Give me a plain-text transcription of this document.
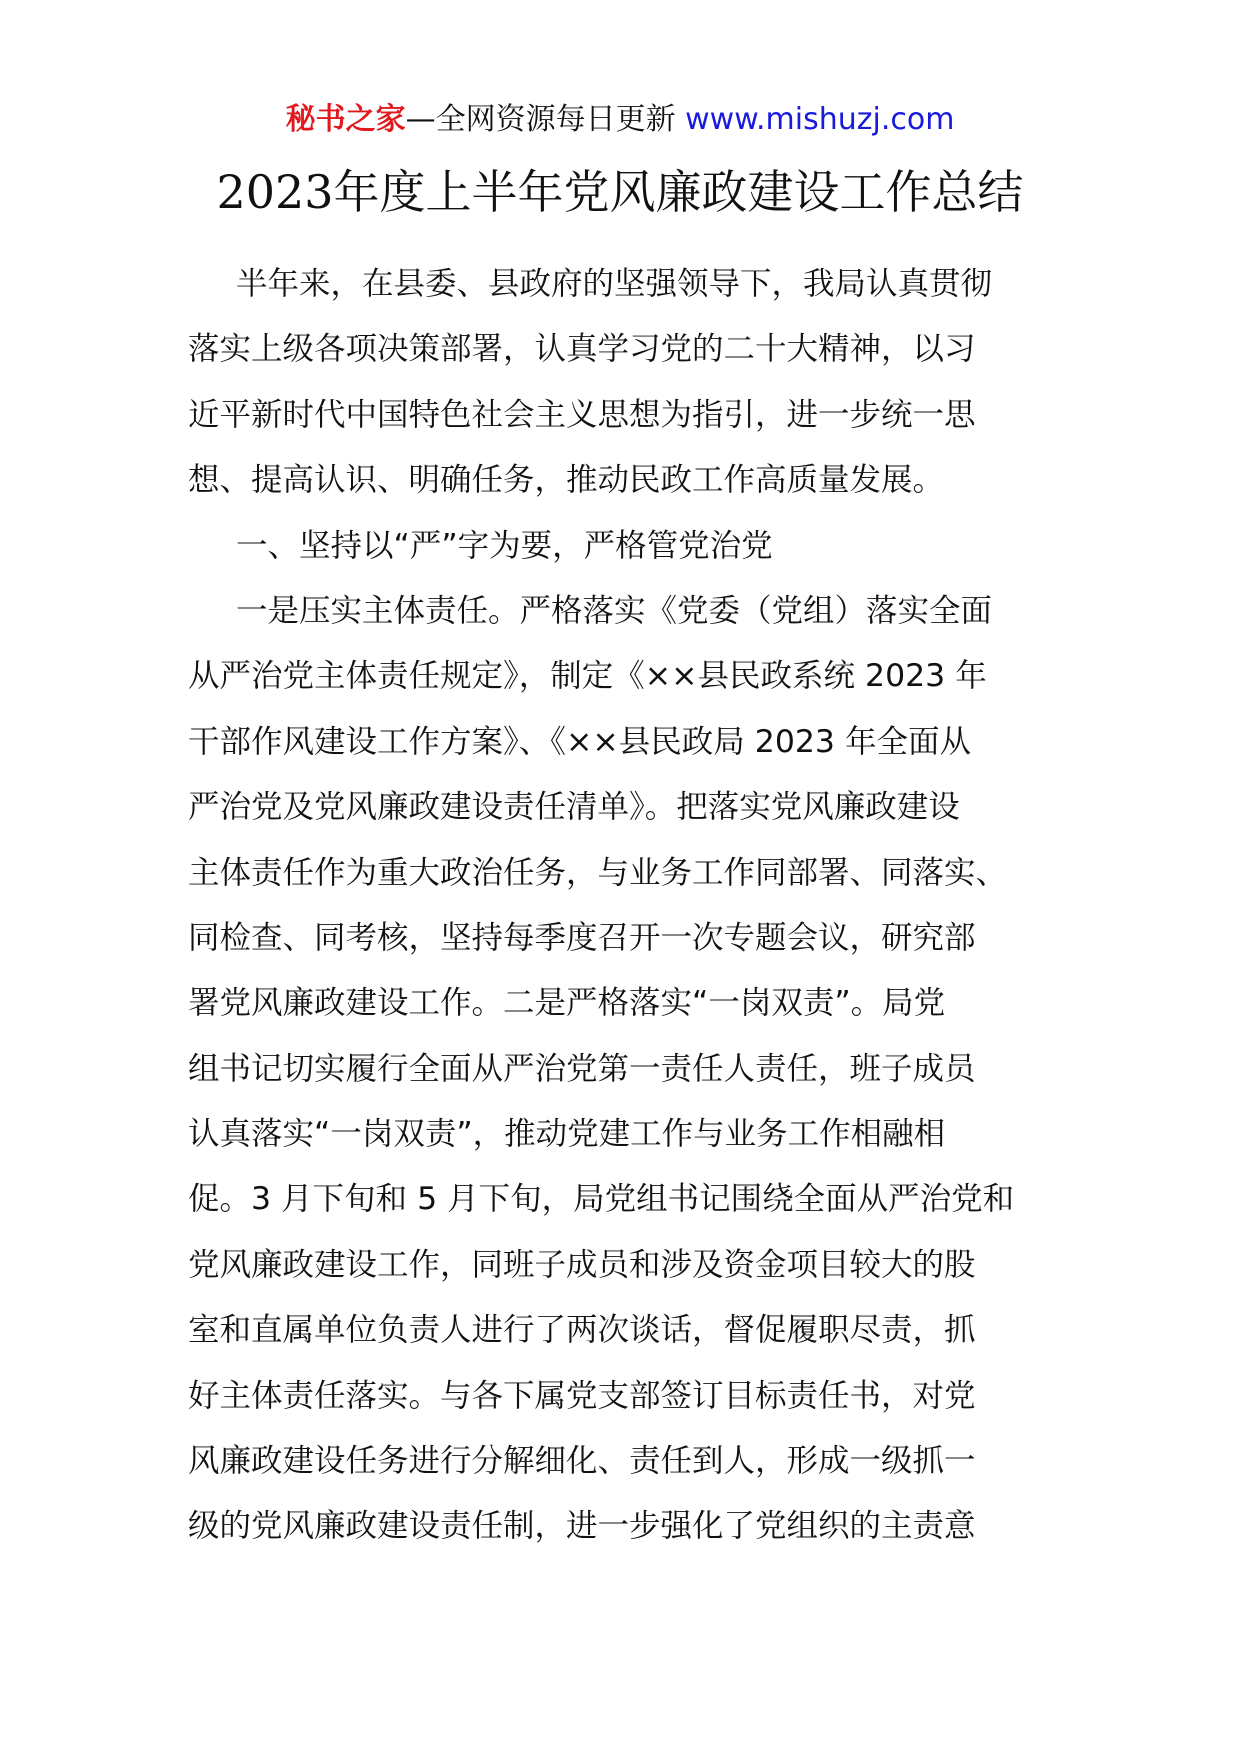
秘书之家—全网资源每日更新 www.mishuzj.com
2023年度上半年党风廉政建设工作总结
半年来，在县委、县政府的坚强领导下，我局认真贯彻
落实上级各项决策部署，认真学习党的二十大精神，以习
近平新时代中国特色社会主义思想为指引，进一步统一思
想、提高认识、明确任务，推动民政工作高质量发展。
一、坚持以“严”字为要，严格管党治党
一是压实主体责任。严格落实《党委（党组）落实全面
从严治党主体责任规定》，制定《××县民政系统 2023 年
干部作风建设工作方案》、《××县民政局 2023 年全面从
严治党及党风廉政建设责任清单》。把落实党风廉政建设
主体责任作为重大政治任务，与业务工作同部署、同落实、
同检查、同考核，坚持每季度召开一次专题会议，研究部
署党风廉政建设工作。二是严格落实“一岗双责”。局党
组书记切实履行全面从严治党第一责任人责任，班子成员
认真落实“一岗双责”，推动党建工作与业务工作相融相
促。3 月下旬和 5 月下旬，局党组书记围绕全面从严治党和
党风廉政建设工作，同班子成员和涉及资金项目较大的股
室和直属单位负责人进行了两次谈话，督促履职尽责，抓
好主体责任落实。与各下属党支部签订目标责任书，对党
风廉政建设任务进行分解细化、责任到人，形成一级抓一
级的党风廉政建设责任制，进一步强化了党组织的主责意
